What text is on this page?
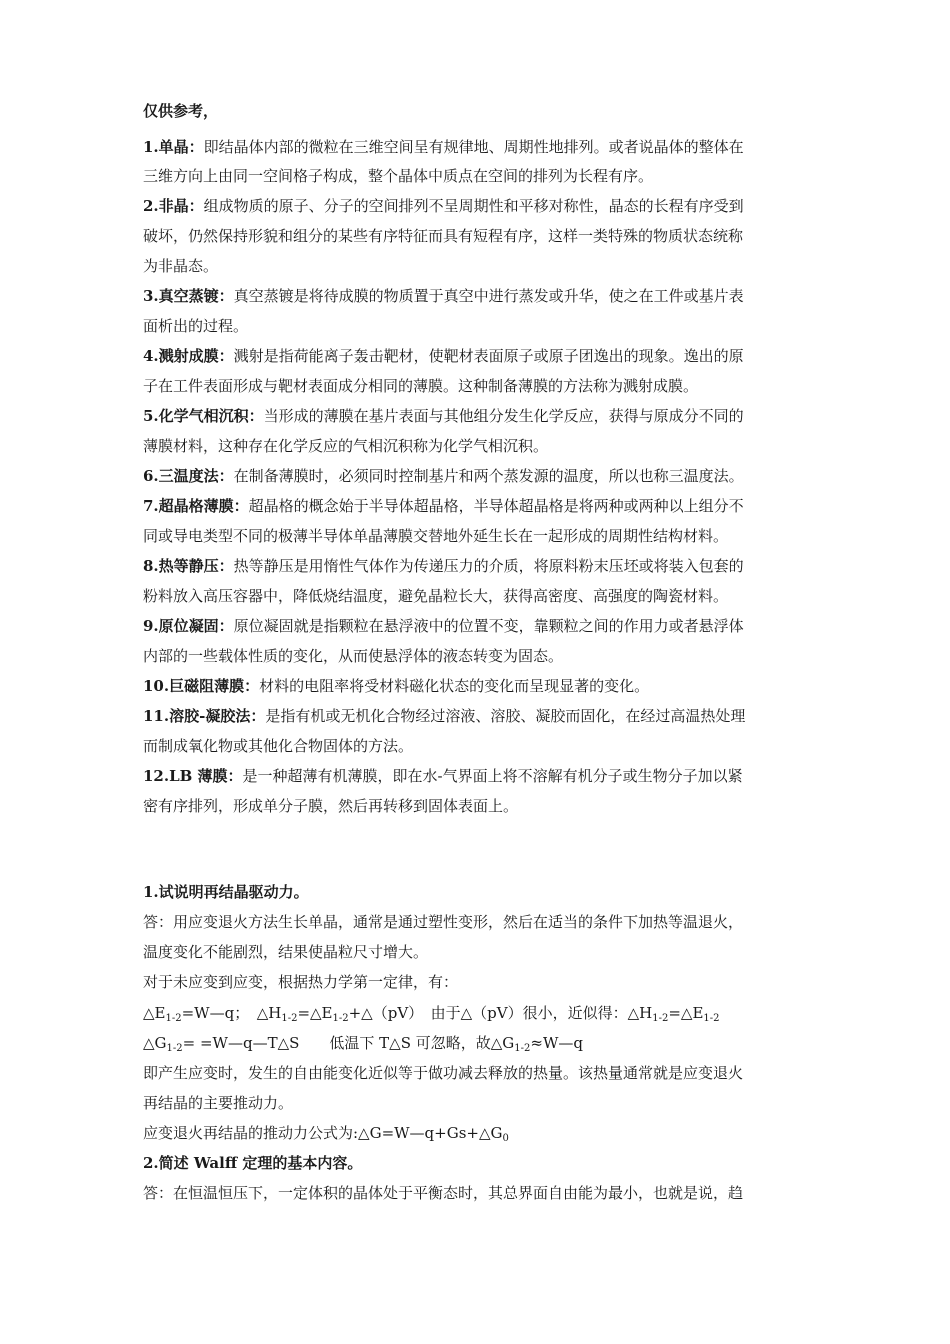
仅供参考，
1.单晶：即结晶体内部的微粒在三维空间呈有规律地、周期性地排列。或者说晶体的整体在
三维方向上由同一空间格子构成，整个晶体中质点在空间的排列为长程有序。
2.非晶：组成物质的原子、分子的空间排列不呈周期性和平移对称性，晶态的长程有序受到
破坏，仍然保持形貌和组分的某些有序特征而具有短程有序，这样一类特殊的物质状态统称
为非晶态。
3.真空蒸镀：真空蒸镀是将待成膜的物质置于真空中进行蒸发或升华，使之在工件或基片表
面析出的过程。
4.溅射成膜：溅射是指荷能离子轰击靶材，使靶材表面原子或原子团逸出的现象。逸出的原
子在工件表面形成与靶材表面成分相同的薄膜。这种制备薄膜的方法称为溅射成膜。
5.化学气相沉积：当形成的薄膜在基片表面与其他组分发生化学反应，获得与原成分不同的
薄膜材料，这种存在化学反应的气相沉积称为化学气相沉积。
6.三温度法：在制备薄膜时，必须同时控制基片和两个蒸发源的温度，所以也称三温度法。
7.超晶格薄膜：超晶格的概念始于半导体超晶格，半导体超晶格是将两种或两种以上组分不
同或导电类型不同的极薄半导体单晶薄膜交替地外延生长在一起形成的周期性结构材料。
8.热等静压：热等静压是用惰性气体作为传递压力的介质，将原料粉末压坯或将装入包套的
粉料放入高压容器中，降低烧结温度，避免晶粒长大，获得高密度、高强度的陶瓷材料。
9.原位凝固：原位凝固就是指颗粒在悬浮液中的位置不变，靠颗粒之间的作用力或者悬浮体
内部的一些载体性质的变化，从而使悬浮体的液态转变为固态。
10.巨磁阻薄膜：材料的电阻率将受材料磁化状态的变化而呈现显著的变化。
11.溶胶-凝胶法：是指有机或无机化合物经过溶液、溶胶、凝胶而固化，在经过高温热处理
而制成氧化物或其他化合物固体的方法。
12.LB 薄膜：是一种超薄有机薄膜，即在水-气界面上将不溶解有机分子或生物分子加以紧
密有序排列，形成单分子膜，然后再转移到固体表面上。
1.试说明再结晶驱动力。
答：用应变退火方法生长单晶，通常是通过塑性变形，然后在适当的条件下加热等温退火，
温度变化不能剧烈，结果使晶粒尺寸增大。
对于未应变到应变，根据热力学第一定律，有：
$\triangle E_{1-2}=W—q$；　$\triangle H_{1-2}=\triangle E_{1-2}+\triangle(pV)$　由于△（pV）很小，近似得：$\triangle H_{1-2}=\triangle E_{1-2}$
$\triangle G_{1-2}=$ =W—q—T△S　　低温下 T△S 可忽略，故$\triangle G_{1-2}\approx W—q$
即产生应变时，发生的自由能变化近似等于做功减去释放的热量。该热量通常就是应变退火
再结晶的主要推动力。
应变退火再结晶的推动力公式为$:\triangle G=W—q+Gs+\triangle G_0$
2.简述 Walff 定理的基本内容。
答：在恒温恒压下，一定体积的晶体处于平衡态时，其总界面自由能为最小，也就是说，趋
